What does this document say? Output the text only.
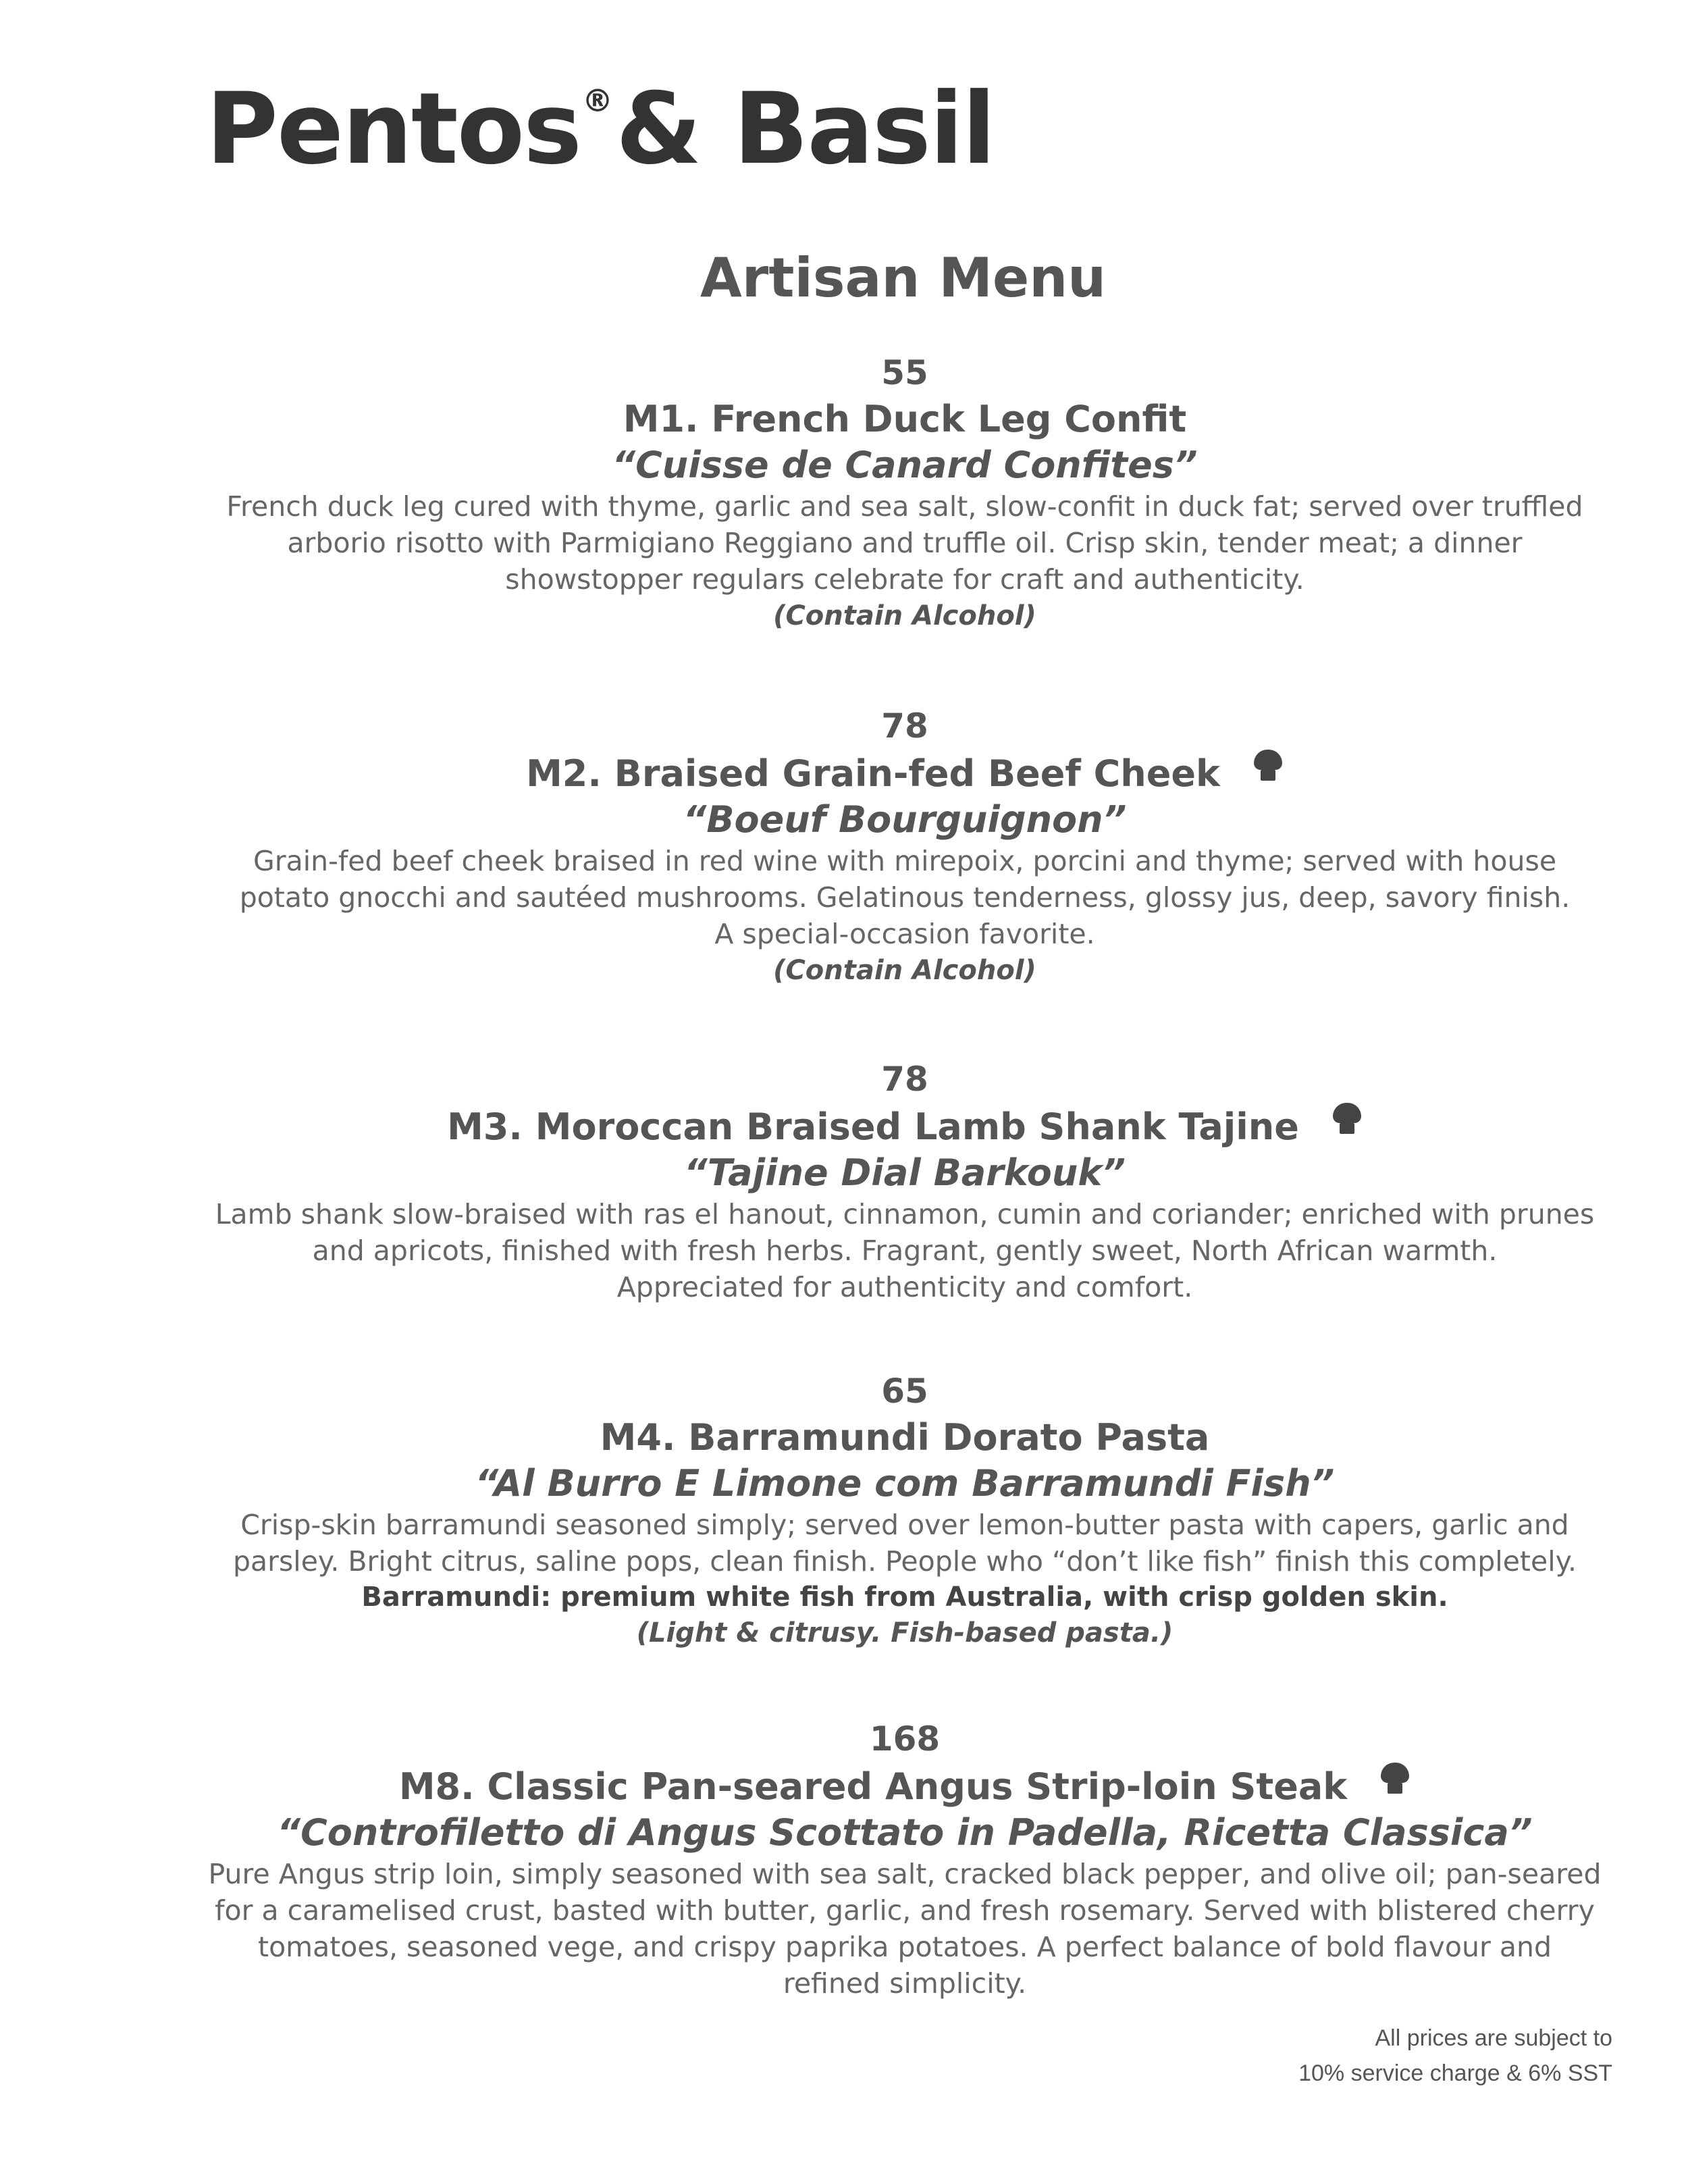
Pentos®& Basil
Artisan Menu
55
M1. French Duck Leg Confit
“Cuisse de Canard Confites”
French duck leg cured with thyme, garlic and sea salt, slow-confit in duck fat; served over truffled
arborio risotto with Parmigiano Reggiano and truffle oil. Crisp skin, tender meat; a dinner
showstopper regulars celebrate for craft and authenticity.
(Contain Alcohol)
78
M2. Braised Grain-fed Beef Cheek
“Boeuf Bourguignon”
Grain-fed beef cheek braised in red wine with mirepoix, porcini and thyme; served with house
potato gnocchi and sautéed mushrooms. Gelatinous tenderness, glossy jus, deep, savory finish.
A special-occasion favorite.
(Contain Alcohol)
78
M3. Moroccan Braised Lamb Shank Tajine
“Tajine Dial Barkouk”
Lamb shank slow-braised with ras el hanout, cinnamon, cumin and coriander; enriched with prunes
and apricots, finished with fresh herbs. Fragrant, gently sweet, North African warmth.
Appreciated for authenticity and comfort.
65
M4. Barramundi Dorato Pasta
“Al Burro E Limone com Barramundi Fish”
Crisp-skin barramundi seasoned simply; served over lemon-butter pasta with capers, garlic and
parsley. Bright citrus, saline pops, clean finish. People who “don’t like fish” finish this completely.
Barramundi: premium white fish from Australia, with crisp golden skin.
(Light & citrusy. Fish-based pasta.)
168
M8. Classic Pan-seared Angus Strip-loin Steak
“Controfiletto di Angus Scottato in Padella, Ricetta Classica”
Pure Angus strip loin, simply seasoned with sea salt, cracked black pepper, and olive oil; pan-seared
for a caramelised crust, basted with butter, garlic, and fresh rosemary. Served with blistered cherry
tomatoes, seasoned vege, and crispy paprika potatoes. A perfect balance of bold flavour and
refined simplicity.
All prices are subject to
10% service charge & 6% SST
